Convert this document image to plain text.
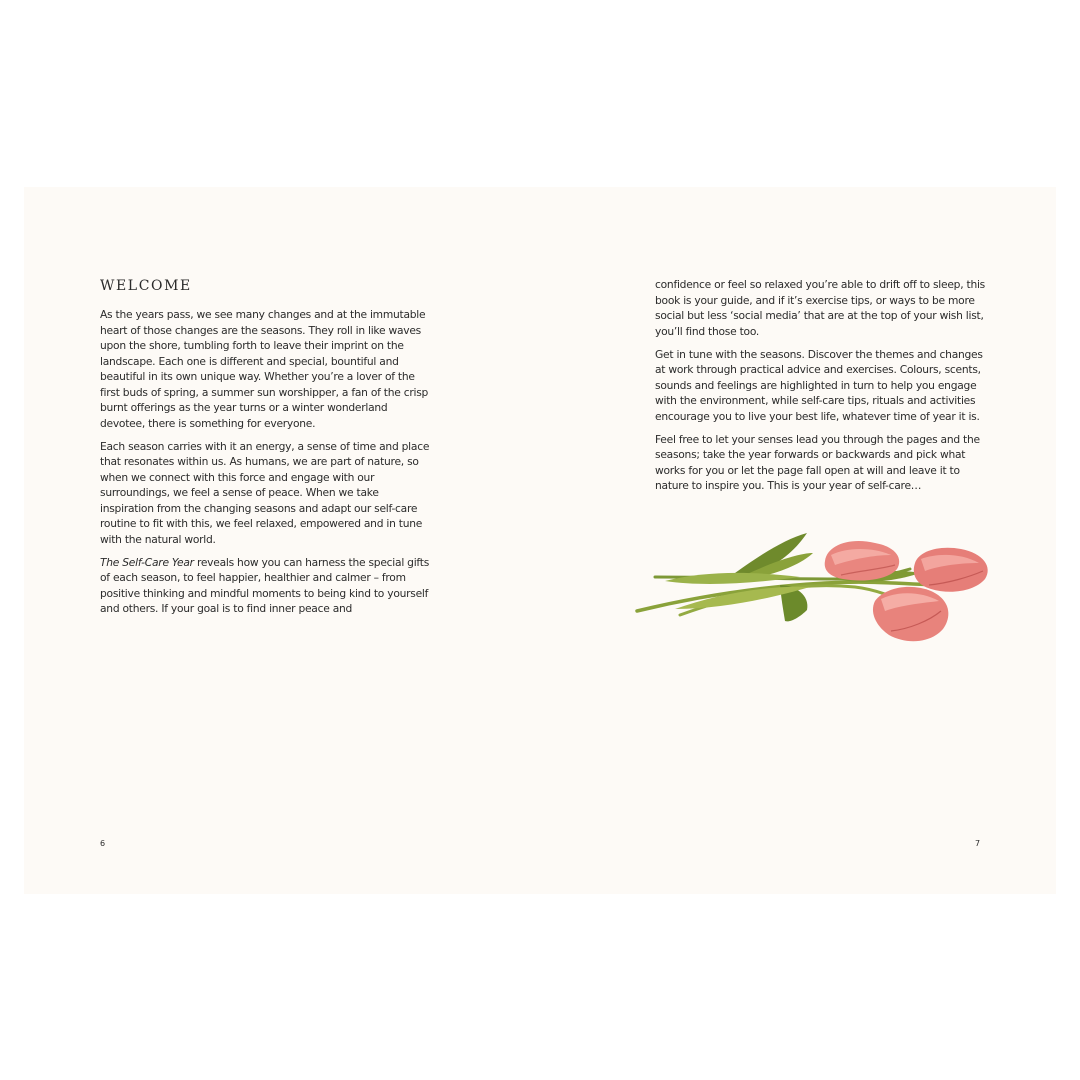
WELCOME

As the years pass, we see many changes and at the immutable heart of those changes are the seasons. They roll in like waves upon the shore, tumbling forth to leave their imprint on the landscape. Each one is different and special, bountiful and beautiful in its own unique way. Whether you’re a lover of the first buds of spring, a summer sun worshipper, a fan of the crisp burnt offerings as the year turns or a winter wonderland devotee, there is something for everyone.

Each season carries with it an energy, a sense of time and place that resonates within us. As humans, we are part of nature, so when we connect with this force and engage with our surroundings, we feel a sense of peace. When we take inspiration from the changing seasons and adapt our self-care routine to fit with this, we feel relaxed, empowered and in tune with the natural world.

The Self-Care Year reveals how you can harness the special gifts of each season, to feel happier, healthier and calmer – from positive thinking and mindful moments to being kind to yourself and others. If your goal is to find inner peace and

6

confidence or feel so relaxed you’re able to drift off to sleep, this book is your guide, and if it’s exercise tips, or ways to be more social but less ‘social media’ that are at the top of your wish list, you’ll find those too.

Get in tune with the seasons. Discover the themes and changes at work through practical advice and exercises. Colours, scents, sounds and feelings are highlighted in turn to help you engage with the environment, while self-care tips, rituals and activities encourage you to live your best life, whatever time of year it is.

Feel free to let your senses lead you through the pages and the seasons; take the year forwards or backwards and pick what works for you or let the page fall open at will and leave it to nature to inspire you. This is your year of self-care…

7
